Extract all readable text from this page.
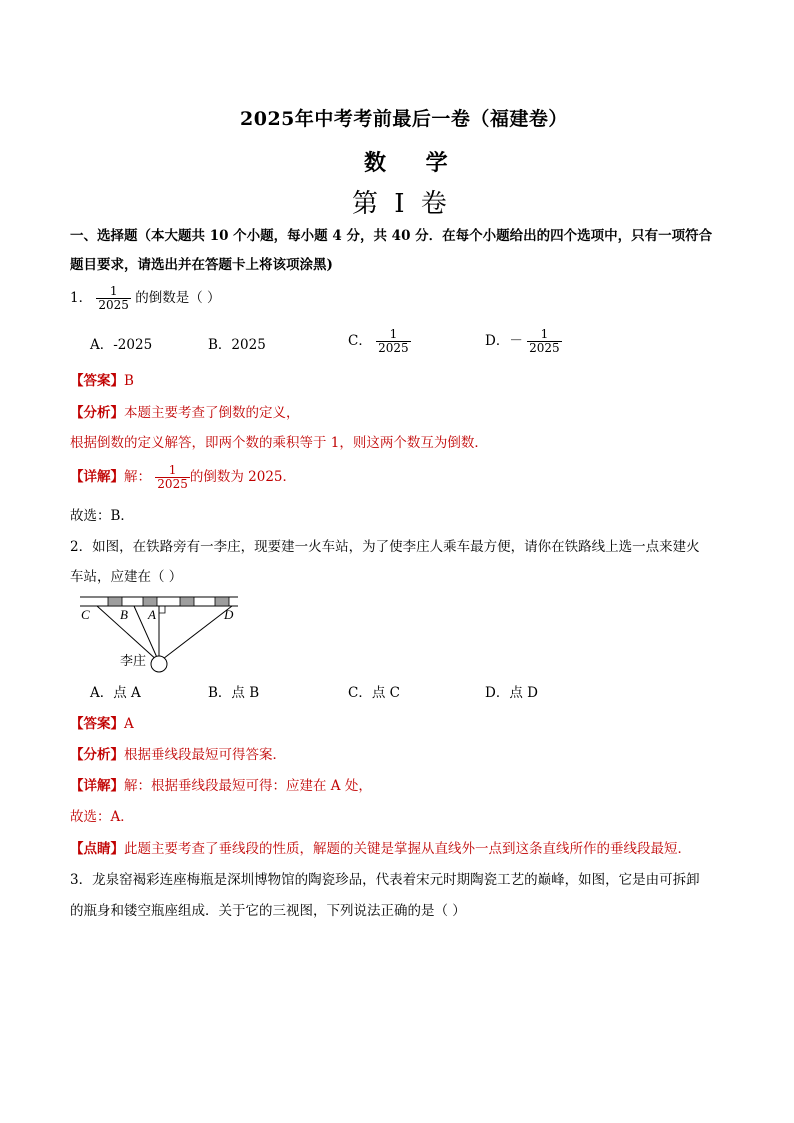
2025年中考考前最后一卷（福建卷）
数 学
第 I 卷
一、选择题（本大题共 10 个小题，每小题 4 分，共 40 分．在每个小题给出的四个选项中，只有一项符合
题目要求，请选出并在答题卡上将该项涂黑)
1． $\frac{1}{2025}$ 的倒数是（ ）
A．-2025	B．2025	C． $\frac{1}{2025}$	D．－ $\frac{1}{2025}$
【答案】B
【分析】本题主要考查了倒数的定义，
根据倒数的定义解答，即两个数的乘积等于 1，则这两个数互为倒数．
【详解】解： $\frac{1}{2025}$ 的倒数为 2025．
故选：B．
2．如图，在铁路旁有一李庄，现要建一火车站，为了使李庄人乘车最方便，请你在铁路线上选一点来建火
车站，应建在（ ）
C B A	D
李庄
A．点 A	B．点 B	C．点 C	D．点 D
【答案】A
【分析】根据垂线段最短可得答案．
【详解】解：根据垂线段最短可得：应建在 A 处，
故选：A．
【点睛】此题主要考查了垂线段的性质，解题的关键是掌握从直线外一点到这条直线所作的垂线段最短．
3．龙泉窑褐彩连座梅瓶是深圳博物馆的陶瓷珍品，代表着宋元时期陶瓷工艺的巅峰，如图，它是由可拆卸
的瓶身和镂空瓶座组成．关于它的三视图，下列说法正确的是（ ）
